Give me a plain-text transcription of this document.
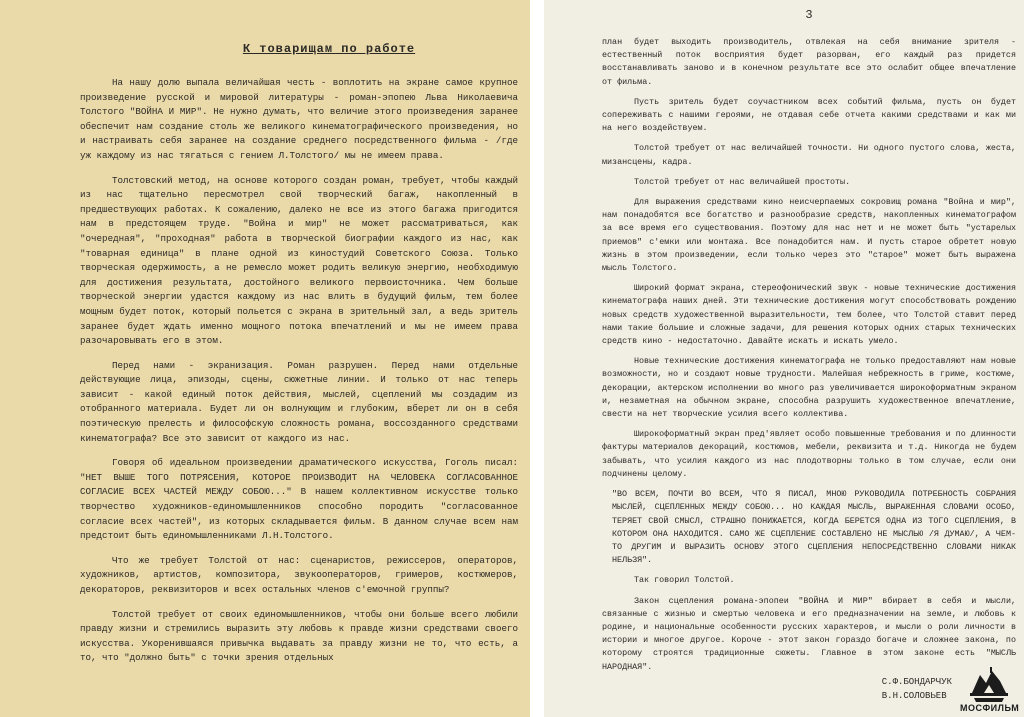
К товарищам по работе

На нашу долю выпала величайшая честь - воплотить на экране самое крупное произведение русской и мировой литературы - роман-эпопею Льва Николаевича Толстого "ВОЙНА И МИР". Не нужно думать, что величие этого произведения заранее обеспечит нам создание столь же великого кинематографического произведения, но и настраивать себя заранее на создание среднего посредственного фильма - /где уж каждому из нас тягаться с гением Л.Толстого/ мы не имеем права.

Толстовский метод, на основе которого создан роман, требует, чтобы каждый из нас тщательно пересмотрел свой творческий багаж, накопленный в предшествующих работах. К сожалению, далеко не все из этого багажа пригодится нам в предстоящем труде. "Война и мир" не может рассматриваться, как "очередная", "проходная" работа в творческой биографии каждого из нас, как "товарная единица" в плане одной из киностудий Советского Союза. Только творческая одержимость, а не ремесло может родить великую энергию, необходимую для достижения результата, достойного великого первоисточника. Чем больше творческой энергии удастся каждому из нас влить в будущий фильм, тем более мощным будет поток, который польется с экрана в зрительный зал, а ведь зритель заранее будет ждать именно мощного потока впечатлений и мы не имеем права разочаровывать его в этом.

Перед нами - экранизация. Роман разрушен. Перед нами отдельные действующие лица, эпизоды, сцены, сюжетные линии. И только от нас теперь зависит - какой единый поток действия, мыслей, сцеплений мы создадим из отобранного материала. Будет ли он волнующим и глубоким, вберет ли он в себя поэтическую прелесть и философскую сложность романа, воссозданного средствами кинематографа? Все это зависит от каждого из нас.

Говоря об идеальном произведении драматического искусства, Гоголь писал: "НЕТ ВЫШЕ ТОГО ПОТРЯСЕНИЯ, КОТОРОЕ ПРОИЗВОДИТ НА ЧЕЛОВЕКА СОГЛАСОВАННОЕ СОГЛАСИЕ ВСЕХ ЧАСТЕЙ МЕЖДУ СОБОЮ..." В нашем коллективном искусстве только творчество художников-единомышленников способно породить "согласованное согласие всех частей", из которых складывается фильм. В данном случае всем нам предстоит быть единомышленниками Л.Н.Толстого.

Что же требует Толстой от нас: сценаристов, режиссеров, операторов, художников, артистов, композитора, звукооператоров, гримеров, костюмеров, декораторов, реквизиторов и всех остальных членов с'емочной группы?

Толстой требует от своих единомышленников, чтобы они больше всего любили правду жизни и стремились выразить эту любовь к правде жизни средствами своего искусства. Укоренившаяся привычка выдавать за правду жизни не то, что есть, а то, что "должно быть" с точки зрения отдельных

3

план будет выходить производитель, отвлекая на себя внимание зрителя - естественный поток восприятия будет разорван, его каждый раз придется восстанавливать заново и в конечном результате все это ослабит общее впечатление от фильма.

Пусть зритель будет соучастником всех событий фильма, пусть он будет сопереживать с нашими героями, не отдавая себе отчета какими средствами и как ми на него воздействуем.

Толстой требует от нас величайшей точности. Ни одного пустого слова, жеста, мизансцены, кадра.

Толстой требует от нас величайшей простоты.

Для выражения средствами кино неисчерпаемых сокровищ романа "Война и мир", нам понадобятся все богатство и разнообразие средств, накопленных кинематографом за все время его существования. Поэтому для нас нет и не может быть "устарелых приемов" с'емки или монтажа. Все понадобится нам. И пусть старое обретет новую жизнь в этом произведении, если только через это "старое" может быть выражена мысль Толстого.

Широкий формат экрана, стереофонический звук - новые технические достижения кинематографа наших дней. Эти технические достижения могут способствовать рождению новых средств художественной выразительности, тем более, что Толстой ставит перед нами такие большие и сложные задачи, для решения которых одних старых технических средств кино - недостаточно. Давайте искать и искать умело.

Новые технические достижения кинематографа не только предоставляют нам новые возможности, но и создают новые трудности. Малейшая небрежность в гриме, костюме, декорации, актерском исполнении во много раз увеличивается широкоформатным экраном и, незаметная на обычном экране, способна разрушить художественное впечатление, свести на нет творческие усилия всего коллектива.

Широкоформатный экран пред'являет особо повышенные требования и по длинности фактуры материалов декораций, костюмов, мебели, реквизита и т.д. Никогда не будем забывать, что усилия каждого из нас плодотворны только в том случае, если они подчинены целому.

"ВО ВСЕМ, ПОЧТИ ВО ВСЕМ, ЧТО Я ПИСАЛ, МНОЮ РУКОВОДИЛА ПОТРЕБНОСТЬ СОБРАНИЯ МЫСЛЕЙ, СЦЕПЛЕННЫХ МЕЖДУ СОБОЮ... НО КАЖДАЯ МЫСЛЬ, ВЫРАЖЕННАЯ СЛОВАМИ ОСОБО, ТЕРЯЕТ СВОЙ СМЫСЛ, СТРАШНО ПОНИЖАЕТСЯ, КОГДА БЕРЕТСЯ ОДНА ИЗ ТОГО СЦЕПЛЕНИЯ, В КОТОРОМ ОНА НАХОДИТСЯ. САМО ЖЕ СЦЕПЛЕНИЕ СОСТАВЛЕНО НЕ МЫСЛЬЮ /Я ДУМАЮ/, А ЧЕМ-ТО ДРУГИМ И ВЫРАЗИТЬ ОСНОВУ ЭТОГО СЦЕПЛЕНИЯ НЕПОСРЕДСТВЕННО СЛОВАМИ НИКАК НЕЛЬЗЯ".

Так говорил Толстой.

Закон сцепления романа-эпопеи "ВОЙНА И МИР" вбирает в себя и мысли, связанные с жизнью и смертью человека и его предназначении на земле, и любовь к родине, и национальные особенности русских характеров, и мысли о роли личности в истории и многое другое. Короче - этот закон гораздо богаче и сложнее закона, по которому строятся традиционные сюжеты. Главное в этом законе есть "МЫСЛЬ НАРОДНАЯ".

С.Ф.БОНДАРЧУК
В.Н.СОЛОВЬЕВ
МОСФИЛЬМ
